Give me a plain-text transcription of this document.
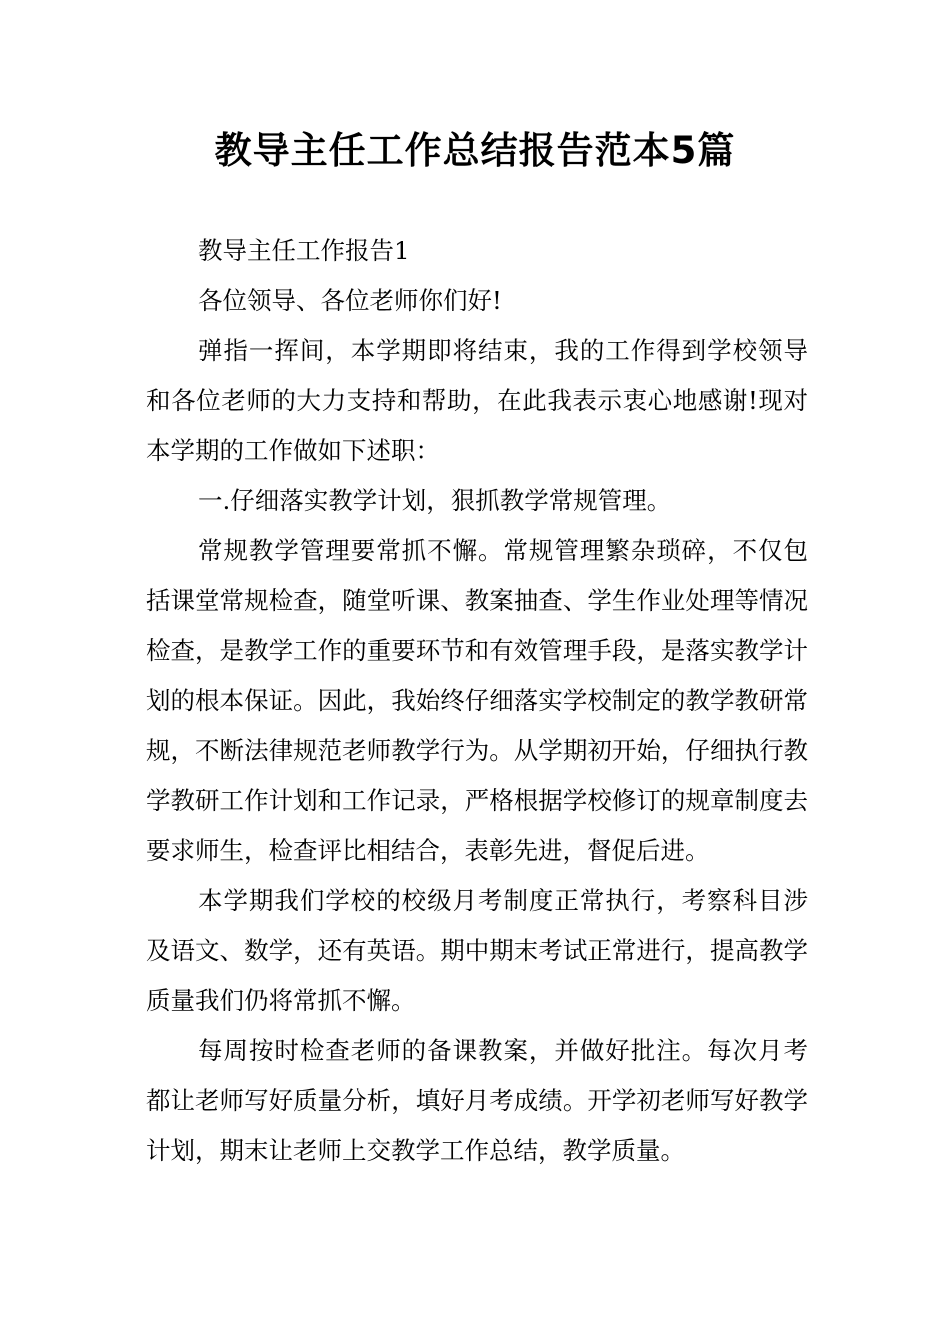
教导主任工作总结报告范本5篇

教导主任工作报告1

各位领导、各位老师你们好!

弹指一挥间，本学期即将结束，我的工作得到学校领导和各位老师的大力支持和帮助，在此我表示衷心地感谢!现对本学期的工作做如下述职：

一.仔细落实教学计划，狠抓教学常规管理。

常规教学管理要常抓不懈。常规管理繁杂琐碎，不仅包括课堂常规检查，随堂听课、教案抽查、学生作业处理等情况检查，是教学工作的重要环节和有效管理手段，是落实教学计划的根本保证。因此，我始终仔细落实学校制定的教学教研常规，不断法律规范老师教学行为。从学期初开始，仔细执行教学教研工作计划和工作记录，严格根据学校修订的规章制度去要求师生，检查评比相结合，表彰先进，督促后进。

本学期我们学校的校级月考制度正常执行，考察科目涉及语文、数学，还有英语。期中期末考试正常进行，提高教学质量我们仍将常抓不懈。

每周按时检查老师的备课教案，并做好批注。每次月考都让老师写好质量分析，填好月考成绩。开学初老师写好教学计划，期末让老师上交教学工作总结，教学质量。
